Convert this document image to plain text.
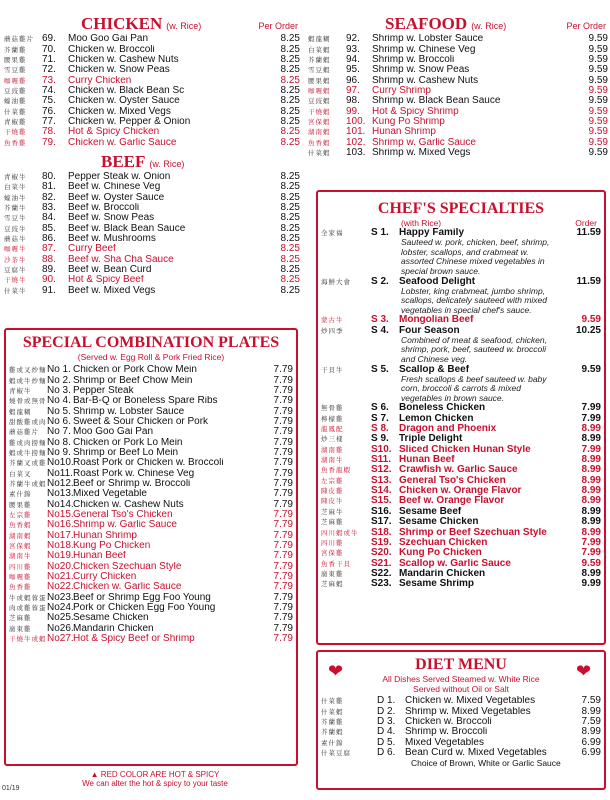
CHICKEN (w. Rice)	Per Order
蘑菇雞片 69.	Moo Goo Gai Pan	8.25
芥蘭雞	70.	Chicken w. Broccoli	8.25
腰果雞	71.	Chicken w. Cashew Nuts	8.25
雪豆雞	72.	Chicken w. Snow Peas	8.25
咖喱雞	73.	Curry Chicken	8.25
豆豉雞	74.	Chicken w. Black Bean Sc	8.25
蠔油雞	75.	Chicken w. Oyster Sauce	8.25
什菜雞	76.	Chicken w. Mixed Vegs	8.25
青椒雞	77.	Chicken w. Pepper & Onion	8.25
干燒雞	78.	Hot & Spicy Chicken	8.25
魚香雞	79.	Chicken w. Garlic Sauce	8.25
BEEF (w. Rice)
青椒牛	80.	Pepper Steak w. Onion	8.25
白菜牛	81.	Beef w. Chinese Veg	8.25
蠔油牛	82.	Beef w. Oyster Sauce	8.25
芥蘭牛	83.	Beef w. Broccoli	8.25
雪豆牛	84.	Beef w. Snow Peas	8.25
豆豉牛	85.	Beef w. Black Bean Sauce	8.25
蘑菇牛	86.	Beef w. Mushrooms	8.25
咖喱牛	87.	Curry Beef	8.25
沙茶牛	88.	Beef w. Sha Cha Sauce	8.25
豆腐牛	89.	Beef w. Bean Curd	8.25
干燒牛	90.	Hot & Spicy Beef	8.25
什菜牛	91.	Beef w. Mixed Vegs	8.25
SPECIAL COMBINATION PLATES
(Served w. Egg Roll & Pork Fried Rice)
雞或叉炒麵 No 1. Chicken or Pork Chow Mein	7.79
蝦或牛炒麵 No 2. Shrimp or Beef Chow Mein	7.79
青椒牛	No 3. Pepper Steak	7.79
燒骨或無骨 No 4. Bar-B-Q or Boneless Spare Ribs	7.79
蝦龍糊	No 5. Shrimp w. Lobster Sauce	7.79
甜酸雞或肉 No 6. Sweet & Sour Chicken or Pork	7.79
蘑菇雞片 No 7. Moo Goo Gai Pan	7.79
雞或肉撈麵 No 8. Chicken or Pork Lo Mein	7.79
蝦或牛撈麵 No 9. Shrimp or Beef Lo Mein	7.79
芥蘭叉或雞 No10. Roast Pork or Chicken w. Broccoli	7.79
白菜叉	No11. Roast Pork w. Chinese Veg	7.79
芥蘭牛或蝦 No12. Beef or Shrimp w. Broccoli	7.79
素什錦	No13. Mixed Vegetable	7.79
腰果雞	No14. Chicken w. Cashew Nuts	7.79
左宗雞	No15. General Tso's Chicken	7.79
魚香蝦	No16. Shrimp w. Garlic Sauce	7.79
湖南蝦	No17. Hunan Shrimp	7.79
宮保蝦	No18. Kung Po Chicken	7.79
湖南牛	No19. Hunan Beef	7.79
四川雞	No20. Chicken Szechuan Style	7.79
咖喱雞	No21. Curry Chicken	7.79
魚香雞	No22. Chicken w. Garlic Sauce	7.79
牛或蝦蓉蛋 No23. Beef or Shrimp Egg Foo Young	7.79
肉或雞蓉蛋 No24. Pork or Chicken Egg Foo Young	7.79
芝麻雞	No25. Sesame Chicken	7.79
廣東雞	No26. Mandarin Chicken	7.79
干燒牛或蝦 No27. Hot & Spicy Beef or Shrimp	7.79
▲ RED COLOR ARE HOT & SPICY
We can alter the hot & spicy to your taste
01/19
SEAFOOD (w. Rice)	Per Order
蝦龍糊	92.	Shrimp w. Lobster Sauce	9.59
白菜蝦	93.	Shrimp w. Chinese Veg	9.59
芥蘭蝦	94.	Shrimp w. Broccoli	9.59
雪豆蝦	95.	Shrimp w. Snow Peas	9.59
腰果蝦	96.	Shrimp w. Cashew Nuts	9.59
咖喱蝦	97.	Curry Shrimp	9.59
豆豉蝦	98.	Shrimp w. Black Bean Sauce	9.59
干燒蝦	99.	Hot & Spicy Shrimp	9.59
宮保蝦	100. Kung Po Shrimp	9.59
湖南蝦	101. Hunan Shrimp	9.59
魚香蝦	102. Shrimp w. Garlic Sauce	9.59
什菜蝦	103. Shrimp w. Mixed Vegs	9.59
CHEF'S SPECIALTIES
(with Rice)	Order
全家福	S 1.	Happy Family	11.59
Sauteed w. pork, chicken, beef, shrimp, lobster, scallops, and crabmeat w. assorted Chinese mixed vegetables in special brown sauce.
海鮮大會	S 2.	Seafood Delight	11.59
Lobster, king crabmeat, jumbo shrimp, scallops, delicately sauteed with mixed vegetables in special chef's sauce.
蒙古牛	S 3.	Mongolian Beef	9.59
炒四季	S 4.	Four Season	10.25
Combined of meat & seafood, chicken, shrimp, pork, beef, sauteed w. broccoli and Chinese veg.
干貝牛	S 5.	Scallop & Beef	9.59
Fresh scallops & beef sauteed w. baby corn, broccoli & carrots & mixed vegetables in brown sauce.
無骨雞	S 6.	Boneless Chicken	7.99
檸檬雞	S 7.	Lemon Chicken	7.99
龍鳳配	S 8.	Dragon and Phoenix	8.99
炒三樣	S 9.	Triple Delight	8.99
湖南雞	S10. Sliced Chicken Hunan Style	7.99
湖南牛	S11. Hunan Beef	8.99
魚香龍蝦	S12. Crawfish w. Garlic Sauce	8.99
左宗雞	S13. General Tso's Chicken	8.99
陳皮雞	S14. Chicken w. Orange Flavor	8.99
陳皮牛	S15. Beef w. Orange Flavor	8.99
芝麻牛	S16. Sesame Beef	8.99
芝麻雞	S17. Sesame Chicken	8.99
四川蝦或牛	S18. Shrimp or Beef Szechuan Style	8.99
四川雞	S19. Szechuan Chicken	7.99
宮保雞	S20. Kung Po Chicken	7.99
魚香干貝	S21. Scallop w. Garlic Sauce	9.59
廣東雞	S22. Mandarin Chicken	8.99
芝麻蝦	S23. Sesame Shrimp	9.99
❤	❤
DIET MENU
All Dishes Served Steamed w. White Rice
Served without Oil or Salt
什菜雞	D 1. Chicken w. Mixed Vegetables	7.59
什菜蝦	D 2. Shrimp w. Mixed Vegetables	8.99
芥蘭雞	D 3. Chicken w. Broccoli	7.59
芥蘭蝦	D 4. Shrimp w. Broccoli	8.99
素什錦	D 5. Mixed Vegetables	6.99
什菜豆腐	D 6. Bean Curd w. Mixed Vegetables	6.99
Choice of Brown, White or Garlic Sauce
